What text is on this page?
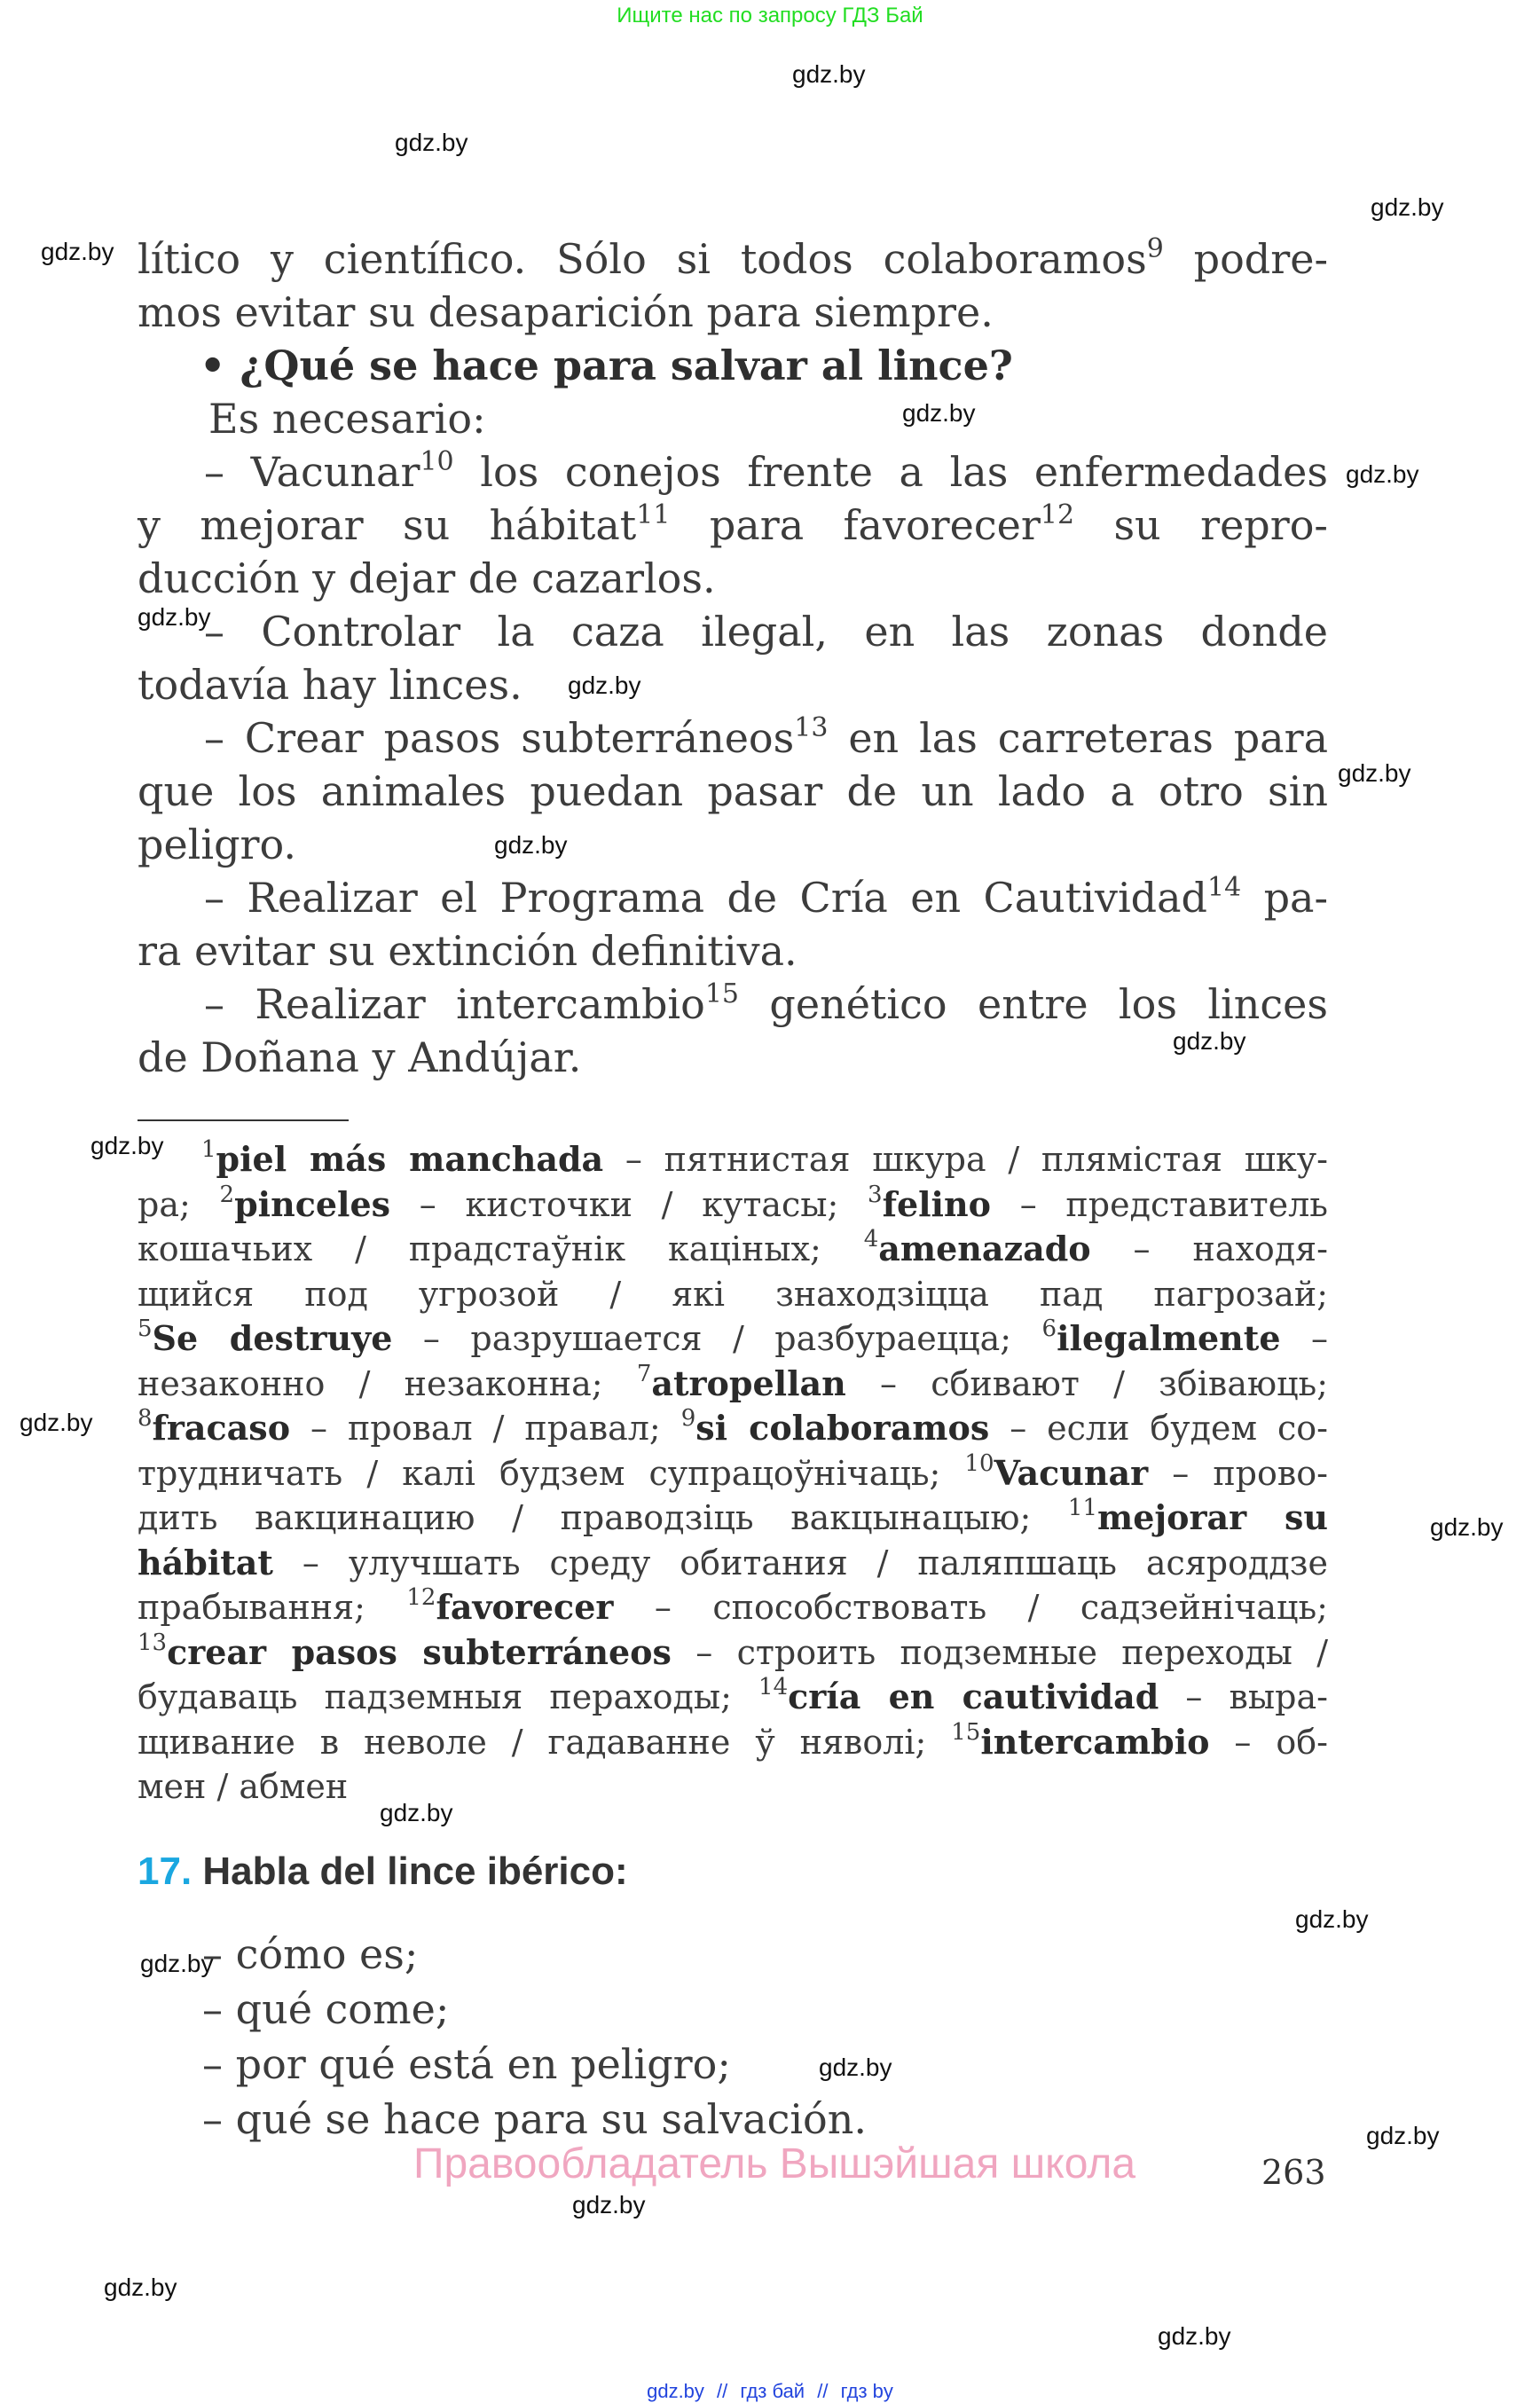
Ищите нас по запросу ГДЗ Бай
lítico y científico. Sólo si todos colaboramos$^9$ podre-
mos evitar su desaparición para siempre.
• ¿Qué se hace para salvar al lince?
Es necesario:
– Vacunar$^{10}$ los conejos frente a las enfermedades
y mejorar su hábitat$^{11}$ para favorecer$^{12}$ su repro-
ducción y dejar de cazarlos.
– Controlar la caza ilegal, en las zonas donde
todavía hay linces.
– Crear pasos subterráneos$^{13}$ en las carreteras para
que los animales puedan pasar de un lado a otro sin
peligro.
– Realizar el Programa de Cría en Cautividad$^{14}$ pa-
ra evitar su extinción definitiva.
– Realizar intercambio$^{15}$ genético entre los linces
de Doñana y Andújar.
$^1$piel más manchada – пятнистая шкура / плямістая шку-
ра; $^2$pinceles – кисточки / кутасы; $^3$felino – представитель
кошачьих / прадстаўнік каціных; $^4$amenazado – находя-
щийся под угрозой / які знаходзіцца пад пагрозай;
$^5$Se destruye – разрушается / разбураецца; $^6$ilegalmente –
незаконно / незаконна; $^7$atropellan – сбивают / збіваюць;
$^8$fracaso – провал / правал; $^9$si colaboramos – если будем со-
трудничать / калі будзем супрацоўнічаць; $^{10}$Vacunar – прово-
дить вакцинацию / праводзіць вакцынацыю; $^{11}$mejorar su
hábitat – улучшать среду обитания / паляпшаць асяроддзе
прабывання; $^{12}$favorecer – способствовать / садзейнічаць;
$^{13}$crear pasos subterráneos – строить подземные переходы /
будаваць падземныя пераходы; $^{14}$cría en cautividad – выра-
щивание в неволе / гадаванне ў няволі; $^{15}$intercambio – об-
мен / абмен
17. Habla del lince ibérico:
– cómo es;
– qué come;
– por qué está en peligro;
– qué se hace para su salvación.
Правообладатель Вышэйшая школа	263
gdz.by
gdz.by
gdz.by
gdz.by
gdz.by
gdz.by
gdz.by
gdz.by
gdz.by
gdz.by
gdz.by
gdz.by
gdz.by
gdz.by
gdz.by
gdz.by
gdz.by
gdz.by
gdz.by
gdz.by
gdz.by
gdz.by
gdz.by // гдз бай // гдз by
